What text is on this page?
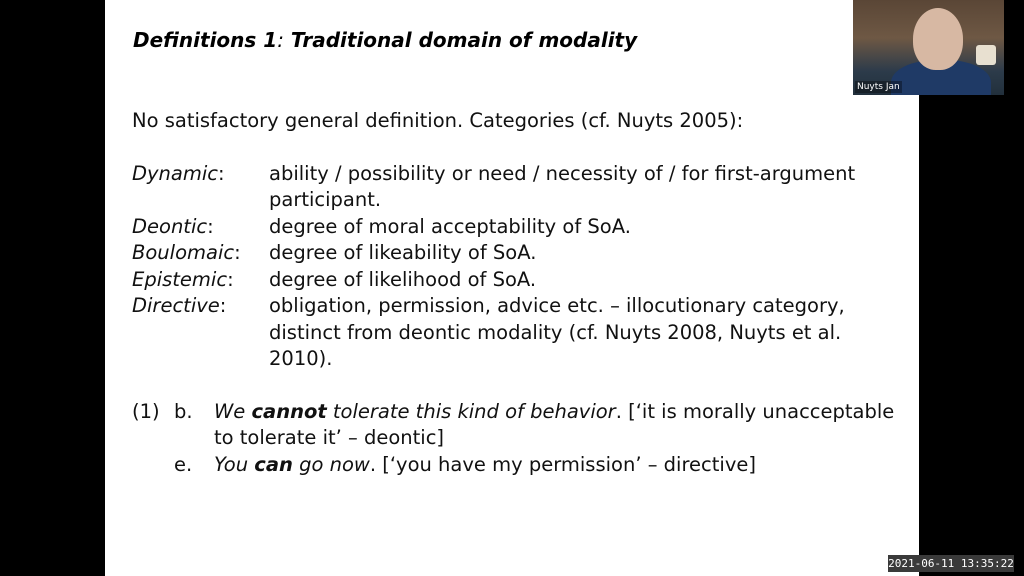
Definitions 1: Traditional domain of modality
No satisfactory general definition. Categories (cf. Nuyts 2005):
Dynamic:	ability / possibility or need / necessity of / for first-argument participant.
Deontic:	degree of moral acceptability of SoA.
Boulomaic:	degree of likeability of SoA.
Epistemic:	degree of likelihood of SoA.
Directive:	obligation, permission, advice etc. – illocutionary category, distinct from deontic modality (cf. Nuyts 2008, Nuyts et al. 2010).
(1) b.	We cannot tolerate this kind of behavior. [‘it is morally unacceptable to tolerate it’ – deontic]
e.	You can go now. [‘you have my permission’ – directive]
Nuyts Jan
2021-06-11 13:35:22
